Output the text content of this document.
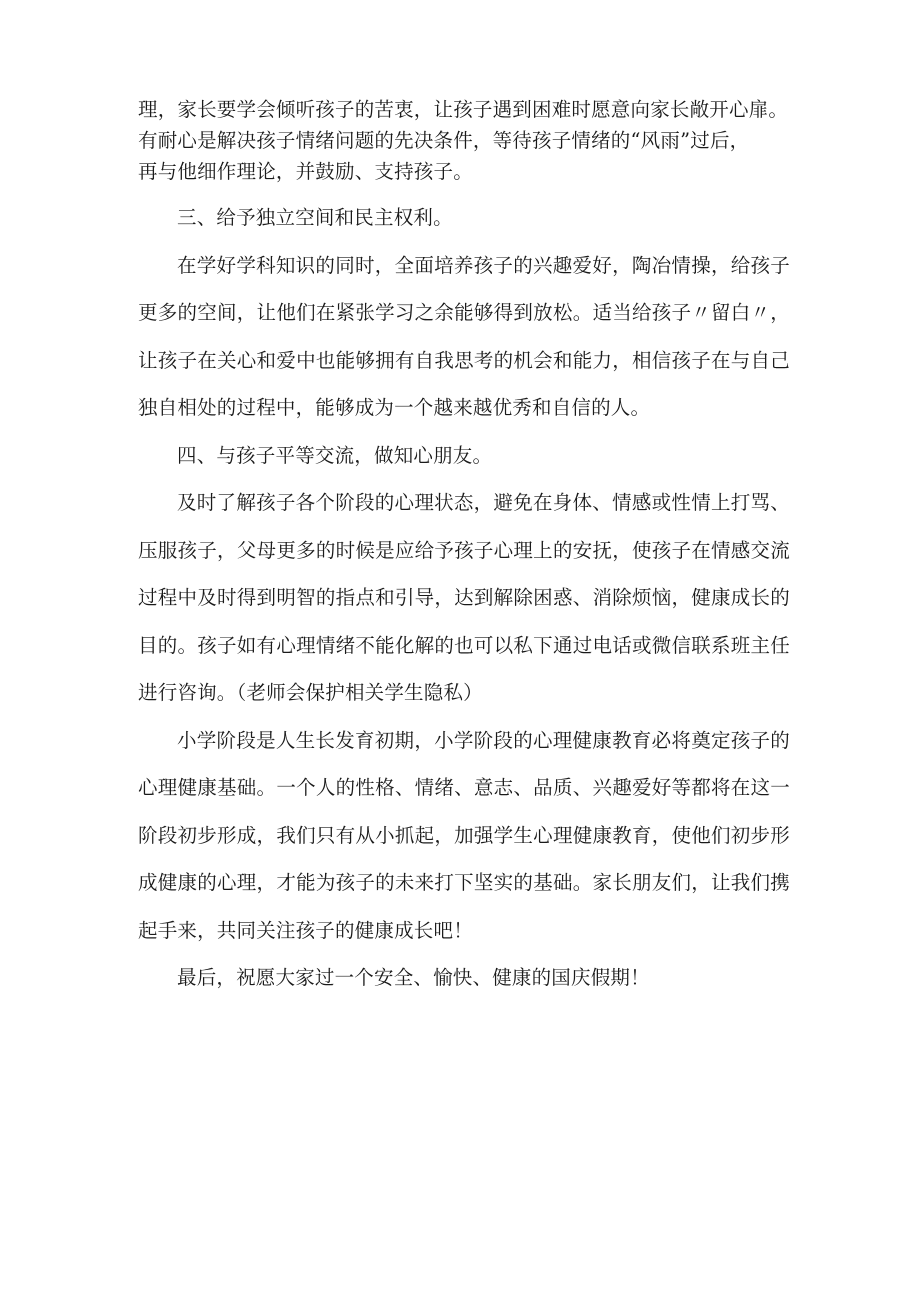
理，家长要学会倾听孩子的苦衷，让孩子遇到困难时愿意向家长敞开心扉。
有耐心是解决孩子情绪问题的先决条件，等待孩子情绪的“风雨”过后，
再与他细作理论，并鼓励、支持孩子。

三、给予独立空间和民主权利。

在学好学科知识的同时，全面培养孩子的兴趣爱好，陶冶情操，给孩子更多的空间，让他们在紧张学习之余能够得到放松。适当给孩子〃留白〃，让孩子在关心和爱中也能够拥有自我思考的机会和能力，相信孩子在与自己独自相处的过程中，能够成为一个越来越优秀和自信的人。

四、与孩子平等交流，做知心朋友。

及时了解孩子各个阶段的心理状态，避免在身体、情感或性情上打骂、压服孩子，父母更多的时候是应给予孩子心理上的安抚，使孩子在情感交流过程中及时得到明智的指点和引导，达到解除困惑、消除烦恼，健康成长的目的。孩子如有心理情绪不能化解的也可以私下通过电话或微信联系班主任进行咨询。（老师会保护相关学生隐私）

小学阶段是人生长发育初期，小学阶段的心理健康教育必将奠定孩子的心理健康基础。一个人的性格、情绪、意志、品质、兴趣爱好等都将在这一阶段初步形成，我们只有从小抓起，加强学生心理健康教育，使他们初步形成健康的心理，才能为孩子的未来打下坚实的基础。家长朋友们，让我们携起手来，共同关注孩子的健康成长吧！

最后，祝愿大家过一个安全、愉快、健康的国庆假期！
